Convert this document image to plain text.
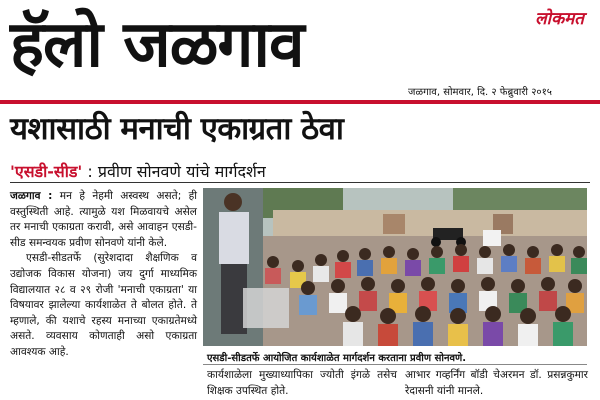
हॅलो जळगाव	लोकमत
जळगाव, सोमवार, दि. २ फेब्रुवारी २०१५
यशासाठी मनाची एकाग्रता ठेवा
'एसडी-सीड' : प्रवीण सोनवणे यांचे मार्गदर्शन

जळगाव : मन हे नेहमी अस्वस्थ असते; ही वस्तुस्थिती आहे. त्यामुळे यश मिळवायचे असेल तर मनाची एकाग्रता करावी, असे आवाहन एसडी-सीड समन्वयक प्रवीण सोनवणे यांनी केले.

एसडी-सीडतर्फे (सुरेशदादा शैक्षणिक व उद्योजक विकास योजना) जय दुर्गा माध्यमिक विद्यालयात २८ व २९ रोजी 'मनाची एकाग्रता' या विषयावर झालेल्या कार्यशाळेत ते बोलत होते. ते म्हणाले, की यशाचे रहस्य मनाच्या एकाग्रतेमध्ये असते. व्यवसाय कोणताही असो एकाग्रता आवश्यक आहे.

एसडी-सीडतर्फे आयोजित कार्यशाळेत मार्गदर्शन करताना प्रवीण सोनवणे.
कार्यशाळेला मुख्याध्यापिका ज्योती इंगळे तसेच शिक्षक उपस्थित होते.
आभार गव्हर्निंग बॉडी चेअरमन डॉ. प्रसन्नकुमार रेदासनी यांनी मानले.
